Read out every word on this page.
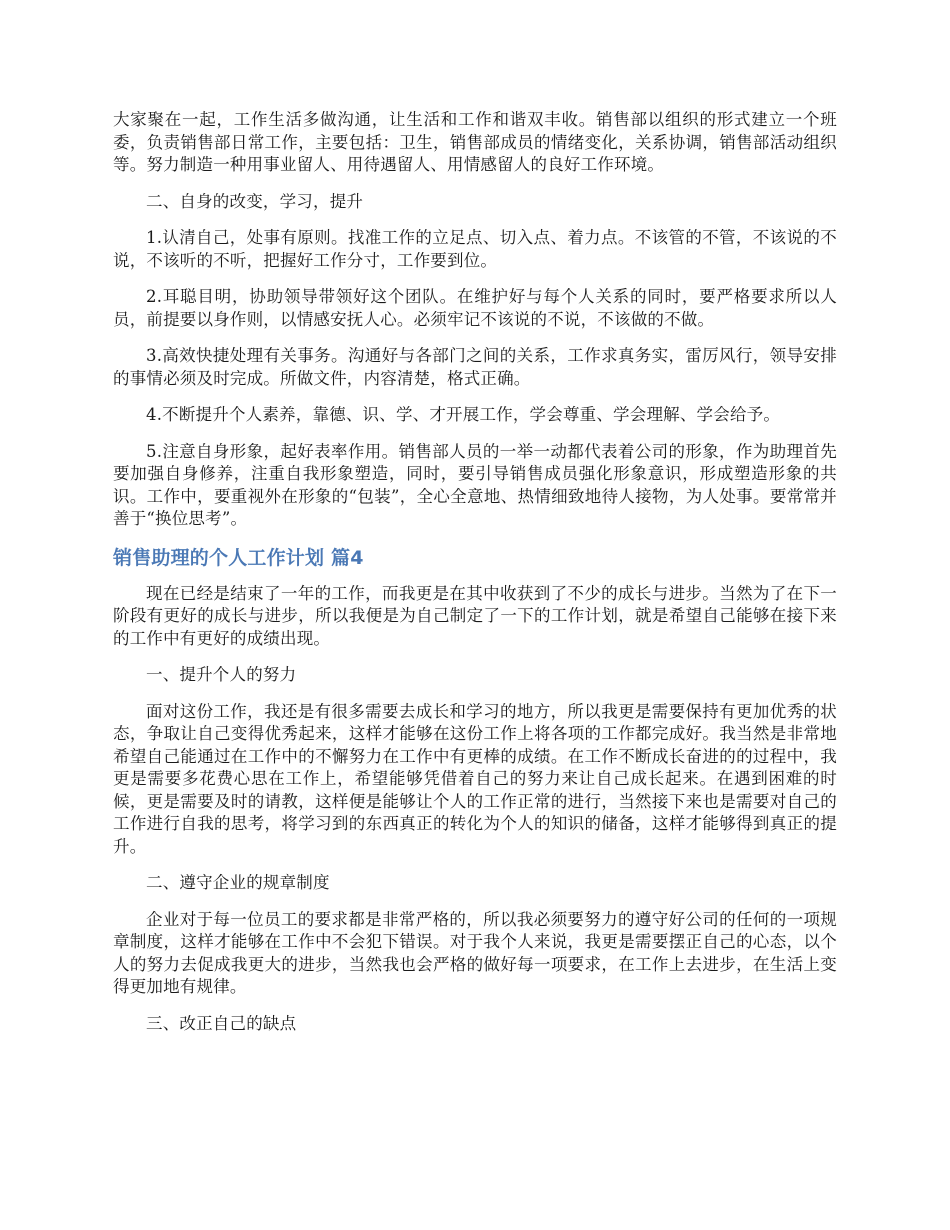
大家聚在一起，工作生活多做沟通，让生活和工作和谐双丰收。销售部以组织的形式建立一个班委，负责销售部日常工作，主要包括：卫生，销售部成员的情绪变化，关系协调，销售部活动组织等。努力制造一种用事业留人、用待遇留人、用情感留人的良好工作环境。

二、自身的改变，学习，提升

1.认清自己，处事有原则。找准工作的立足点、切入点、着力点。不该管的不管，不该说的不说，不该听的不听，把握好工作分寸，工作要到位。

2.耳聪目明，协助领导带领好这个团队。在维护好与每个人关系的同时，要严格要求所以人员，前提要以身作则，以情感安抚人心。必须牢记不该说的不说，不该做的不做。

3.高效快捷处理有关事务。沟通好与各部门之间的关系，工作求真务实，雷厉风行，领导安排的事情必须及时完成。所做文件，内容清楚，格式正确。

4.不断提升个人素养，靠德、识、学、才开展工作，学会尊重、学会理解、学会给予。

5.注意自身形象，起好表率作用。销售部人员的一举一动都代表着公司的形象，作为助理首先要加强自身修养，注重自我形象塑造，同时，要引导销售成员强化形象意识，形成塑造形象的共识。工作中，要重视外在形象的“包装”，全心全意地、热情细致地待人接物，为人处事。要常常并善于“换位思考”。

销售助理的个人工作计划 篇4

现在已经是结束了一年的工作，而我更是在其中收获到了不少的成长与进步。当然为了在下一阶段有更好的成长与进步，所以我便是为自己制定了一下的工作计划，就是希望自己能够在接下来的工作中有更好的成绩出现。

一、提升个人的努力

面对这份工作，我还是有很多需要去成长和学习的地方，所以我更是需要保持有更加优秀的状态，争取让自己变得优秀起来，这样才能够在这份工作上将各项的工作都完成好。我当然是非常地希望自己能通过在工作中的不懈努力在工作中有更棒的成绩。在工作不断成长奋进的的过程中，我更是需要多花费心思在工作上，希望能够凭借着自己的努力来让自己成长起来。在遇到困难的时候，更是需要及时的请教，这样便是能够让个人的工作正常的进行，当然接下来也是需要对自己的工作进行自我的思考，将学习到的东西真正的转化为个人的知识的储备，这样才能够得到真正的提升。

二、遵守企业的规章制度

企业对于每一位员工的要求都是非常严格的，所以我必须要努力的遵守好公司的任何的一项规章制度，这样才能够在工作中不会犯下错误。对于我个人来说，我更是需要摆正自己的心态，以个人的努力去促成我更大的进步，当然我也会严格的做好每一项要求，在工作上去进步，在生活上变得更加地有规律。

三、改正自己的缺点
